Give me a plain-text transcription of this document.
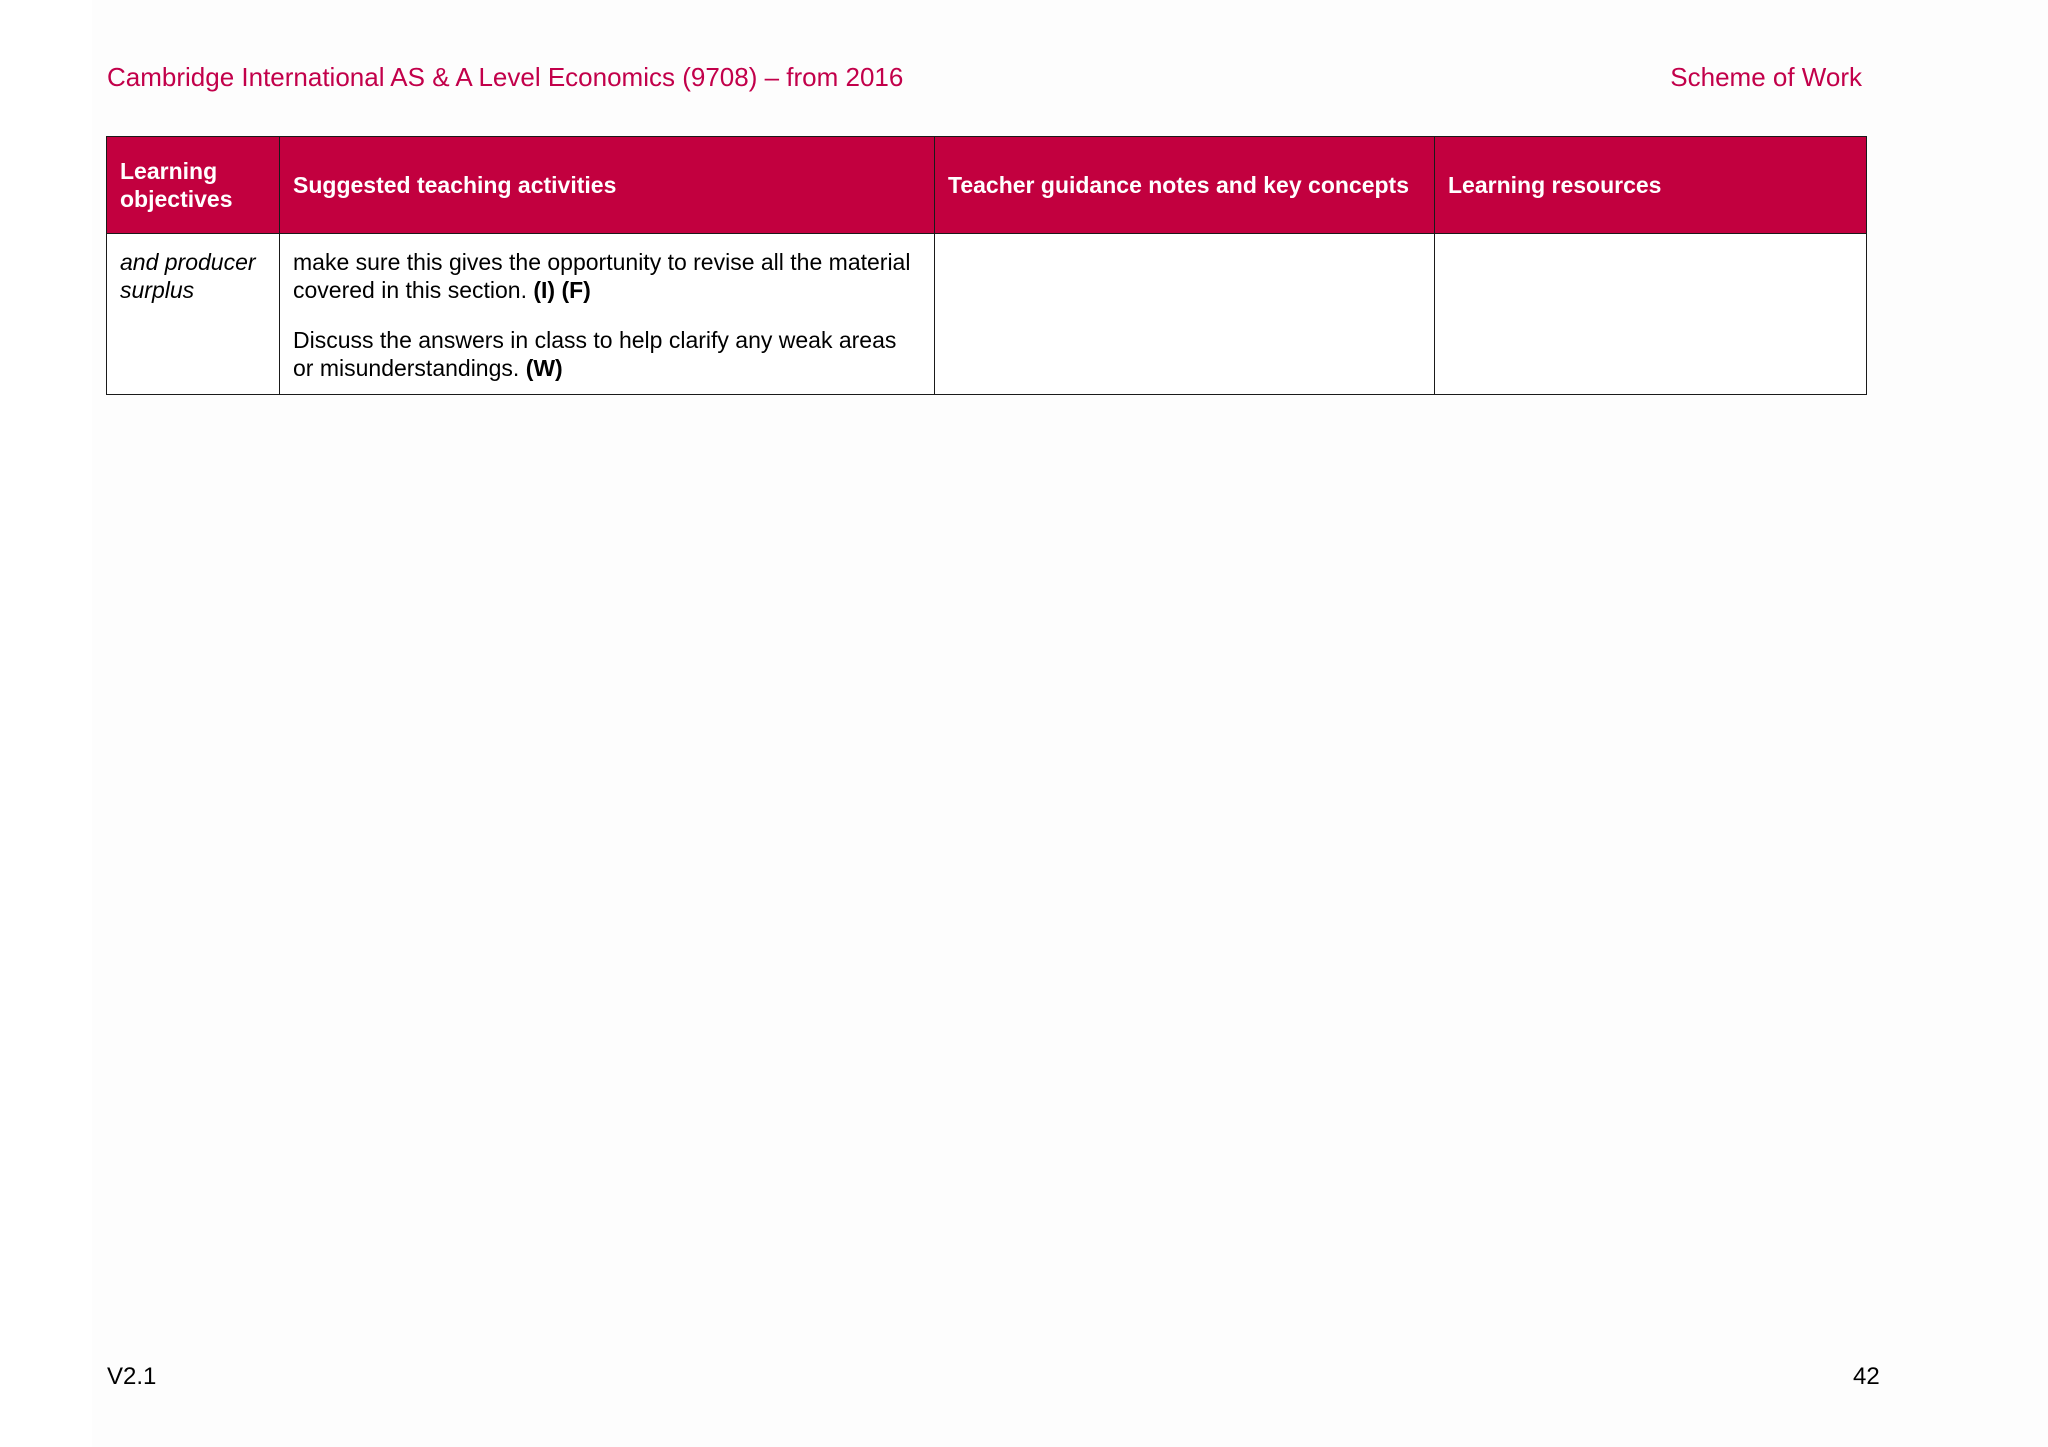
Cambridge International AS & A Level Economics (9708) – from 2016	Scheme of Work
Learning objectives	Suggested teaching activities	Teacher guidance notes and key concepts	Learning resources
and producer surplus	make sure this gives the opportunity to revise all the material covered in this section. (I) (F)

Discuss the answers in class to help clarify any weak areas or misunderstandings. (W)		

V2.1	42
